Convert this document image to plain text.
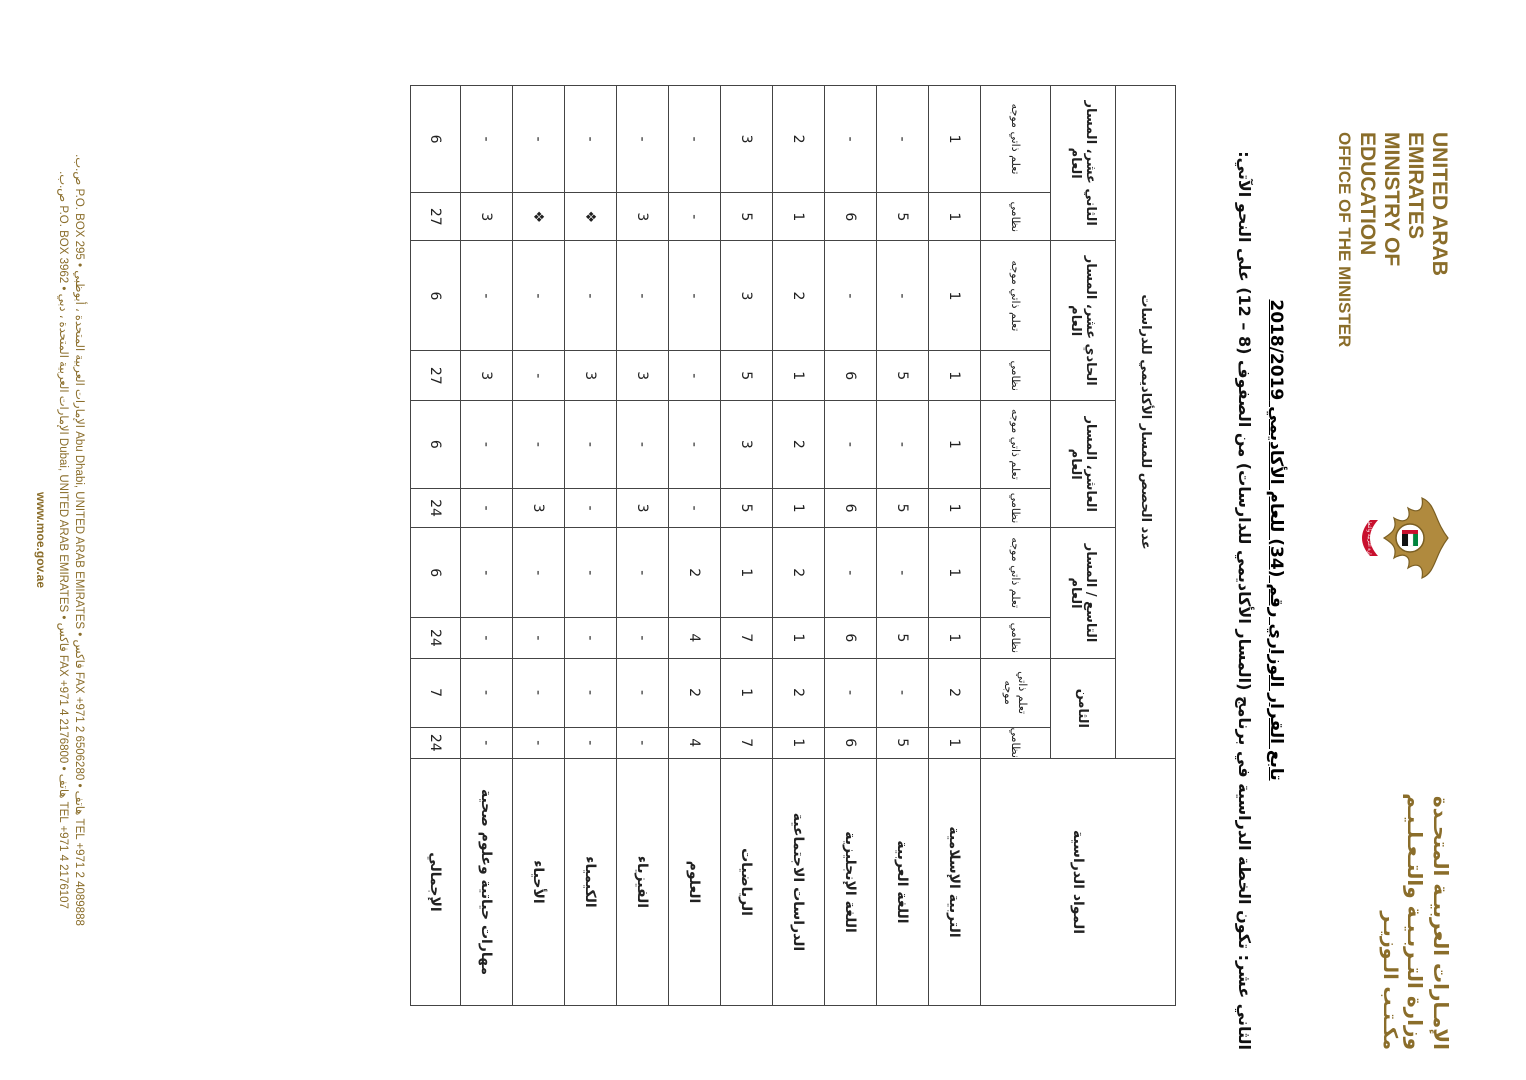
UNITED ARAB EMIRATES
MINISTRY OF EDUCATION
OFFICE OF THE MINISTER
وزارة التربية والتعليم
الإمـارات العربيـة المتحـدة
وزارة التـربـيـة والتـعـلـيـم
مكـتـب الـوزيـر
تابع القرار الوزاري رقم (34) للعام الأكاديمي 2018/2019
الثاني عشر: تكون الخطة الدراسية في برنامج (المسار الأكاديمي للدارسات) من الصفوف (8 – 12) على النحو الآتي:
المواد الدراسية	عدد الحصص للمسار الأكاديمي للدراسات									
	الثامن		التاسع / المسار العام		العاشر، المسار العام		الحادي عشر، المسار العام		الثاني عشر، المسار العام	
	نظامي	تعلم ذاتي موجه	نظامي	تعلم ذاتي موجه	نظامي	تعلم ذاتي موجه	نظامي	تعلم ذاتي موجه	نظامي	تعلم ذاتي موجه
التربية الإسلامية	1	2	1	1	1	1	1	1	1	1
اللغة العربية	5	-	5	-	5	-	5	-	5	-
اللغة الإنجليزية	6	-	6	-	6	-	6	-	6	-
الدراسات الاجتماعية	1	2	1	2	1	2	1	2	1	2
الرياضيات	7	1	7	1	5	3	5	3	5	3
العلوم	4	2	4	2	-	-	-	-	-	-
الفيزياء	-	-	-	-	3	-	3	-	3	-
الكيمياء	-	-	-	-	-	-	3	-	❖	-
الأحياء	-	-	-	-	3	-	-	-	❖	-
مهارات حياتية وعلوم صحية	-	-	-	-	-	-	3	-	3	-
الإجمالي	24	7	24	6	24	6	27	6	27	6
TEL +971 2 4089888 هاتف • FAX +971 2 6506280 فاكس • Abu Dhabi, UNITED ARAB EMIRATES الإمارات العربية المتحدة ، أبوظبي • P.O. BOX 295 ص.ب.
TEL +971 4 2176107 هاتف • FAX +971 4 2176800 فاكس • Dubai, UNITED ARAB EMIRATES الإمارات العربية المتحدة ، دبي • P.O. BOX 3962 ص.ب.
www.moe.gov.ae
